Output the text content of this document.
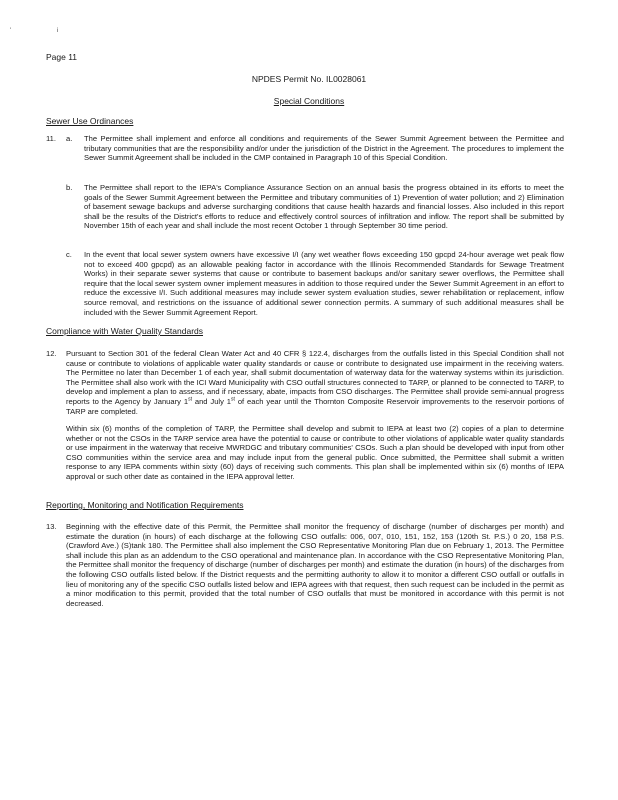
' i
Page 11
NPDES Permit No. IL0028061
Special Conditions
Sewer Use Ordinances
11. a. The Permittee shall implement and enforce all conditions and requirements of the Sewer Summit Agreement between the Permittee and tributary communities that are the responsibility and/or under the jurisdiction of the District in the Agreement. The procedures to implement the Sewer Summit Agreement shall be included in the CMP contained in Paragraph 10 of this Special Condition.
b. The Permittee shall report to the IEPA's Compliance Assurance Section on an annual basis the progress obtained in its efforts to meet the goals of the Sewer Summit Agreement between the Permittee and tributary communities of 1) Prevention of water pollution; and 2) Elimination of basement sewage backups and adverse surcharging conditions that cause health hazards and financial losses. Also included in this report shall be the results of the District's efforts to reduce and effectively control sources of infiltration and inflow. The report shall be submitted by November 15th of each year and shall include the most recent October 1 through September 30 time period.
c. In the event that local sewer system owners have excessive I/I (any wet weather flows exceeding 150 gpcpd 24-hour average wet peak flow not to exceed 400 gpcpd) as an allowable peaking factor in accordance with the Illinois Recommended Standards for Sewage Treatment Works) in their separate sewer systems that cause or contribute to basement backups and/or sanitary sewer overflows, the Permittee shall require that the local sewer system owner implement measures in addition to those required under the Sewer Summit Agreement in an effort to reduce the excessive I/I. Such additional measures may include sewer system evaluation studies, sewer rehabilitation or replacement, inflow source removal, and restrictions on the issuance of additional sewer connection permits. A summary of such additional measures shall be included with the Sewer Summit Agreement Report.
Compliance with Water Quality Standards
12. Pursuant to Section 301 of the federal Clean Water Act and 40 CFR § 122.4, discharges from the outfalls listed in this Special Condition shall not cause or contribute to violations of applicable water quality standards or cause or contribute to designated use impairment in the receiving waters. The Permittee no later than December 1 of each year, shall submit documentation of waterway data for the waterway systems within its jurisdiction. The Permittee shall also work with the ICI Ward Municipality with CSO outfall structures connected to TARP, or planned to be connected to TARP, to develop and implement a plan to assess, and if necessary, abate, impacts from CSO discharges. The Permittee shall provide semi-annual progress reports to the Agency by January 1st and July 1st of each year until the Thornton Composite Reservoir improvements to the reservoir portions of TARP are completed.
Within six (6) months of the completion of TARP, the Permittee shall develop and submit to IEPA at least two (2) copies of a plan to determine whether or not the CSOs in the TARP service area have the potential to cause or contribute to other violations of applicable water quality standards or use impairment in the waterway that receive MWRDGC and tributary communities' CSOs. Such a plan should be developed with input from other CSO communities within the service area and may include input from the general public. Once submitted, the Permittee shall submit a written response to any IEPA comments within sixty (60) days of receiving such comments. This plan shall be implemented within six (6) months of IEPA approval or such other date as contained in the IEPA approval letter.
Reporting, Monitoring and Notification Requirements
13. Beginning with the effective date of this Permit, the Permittee shall monitor the frequency of discharge (number of discharges per month) and estimate the duration (in hours) of each discharge at the following CSO outfalls: 006, 007, 010, 151, 152, 153 (120th St. P.S.) 0 20, 158 P.S. (Crawford Ave.) (S)tank 180. The Permittee shall also implement the CSO Representative Monitoring Plan due on February 1, 2013. The Permittee shall include this plan as an addendum to the CSO operational and maintenance plan. In accordance with the CSO Representative Monitoring Plan, the Permittee shall monitor the frequency of discharge (number of discharges per month) and estimate the duration (in hours) of the discharges from the following CSO outfalls listed below. If the District requests and the permitting authority to allow it to monitor a different CSO outfall or outfalls in lieu of monitoring any of the specific CSO outfalls listed below and IEPA agrees with that request, then such request can be included in the permit as a minor modification to this permit, provided that the total number of CSO outfalls that must be monitored in accordance with this permit is not decreased.
